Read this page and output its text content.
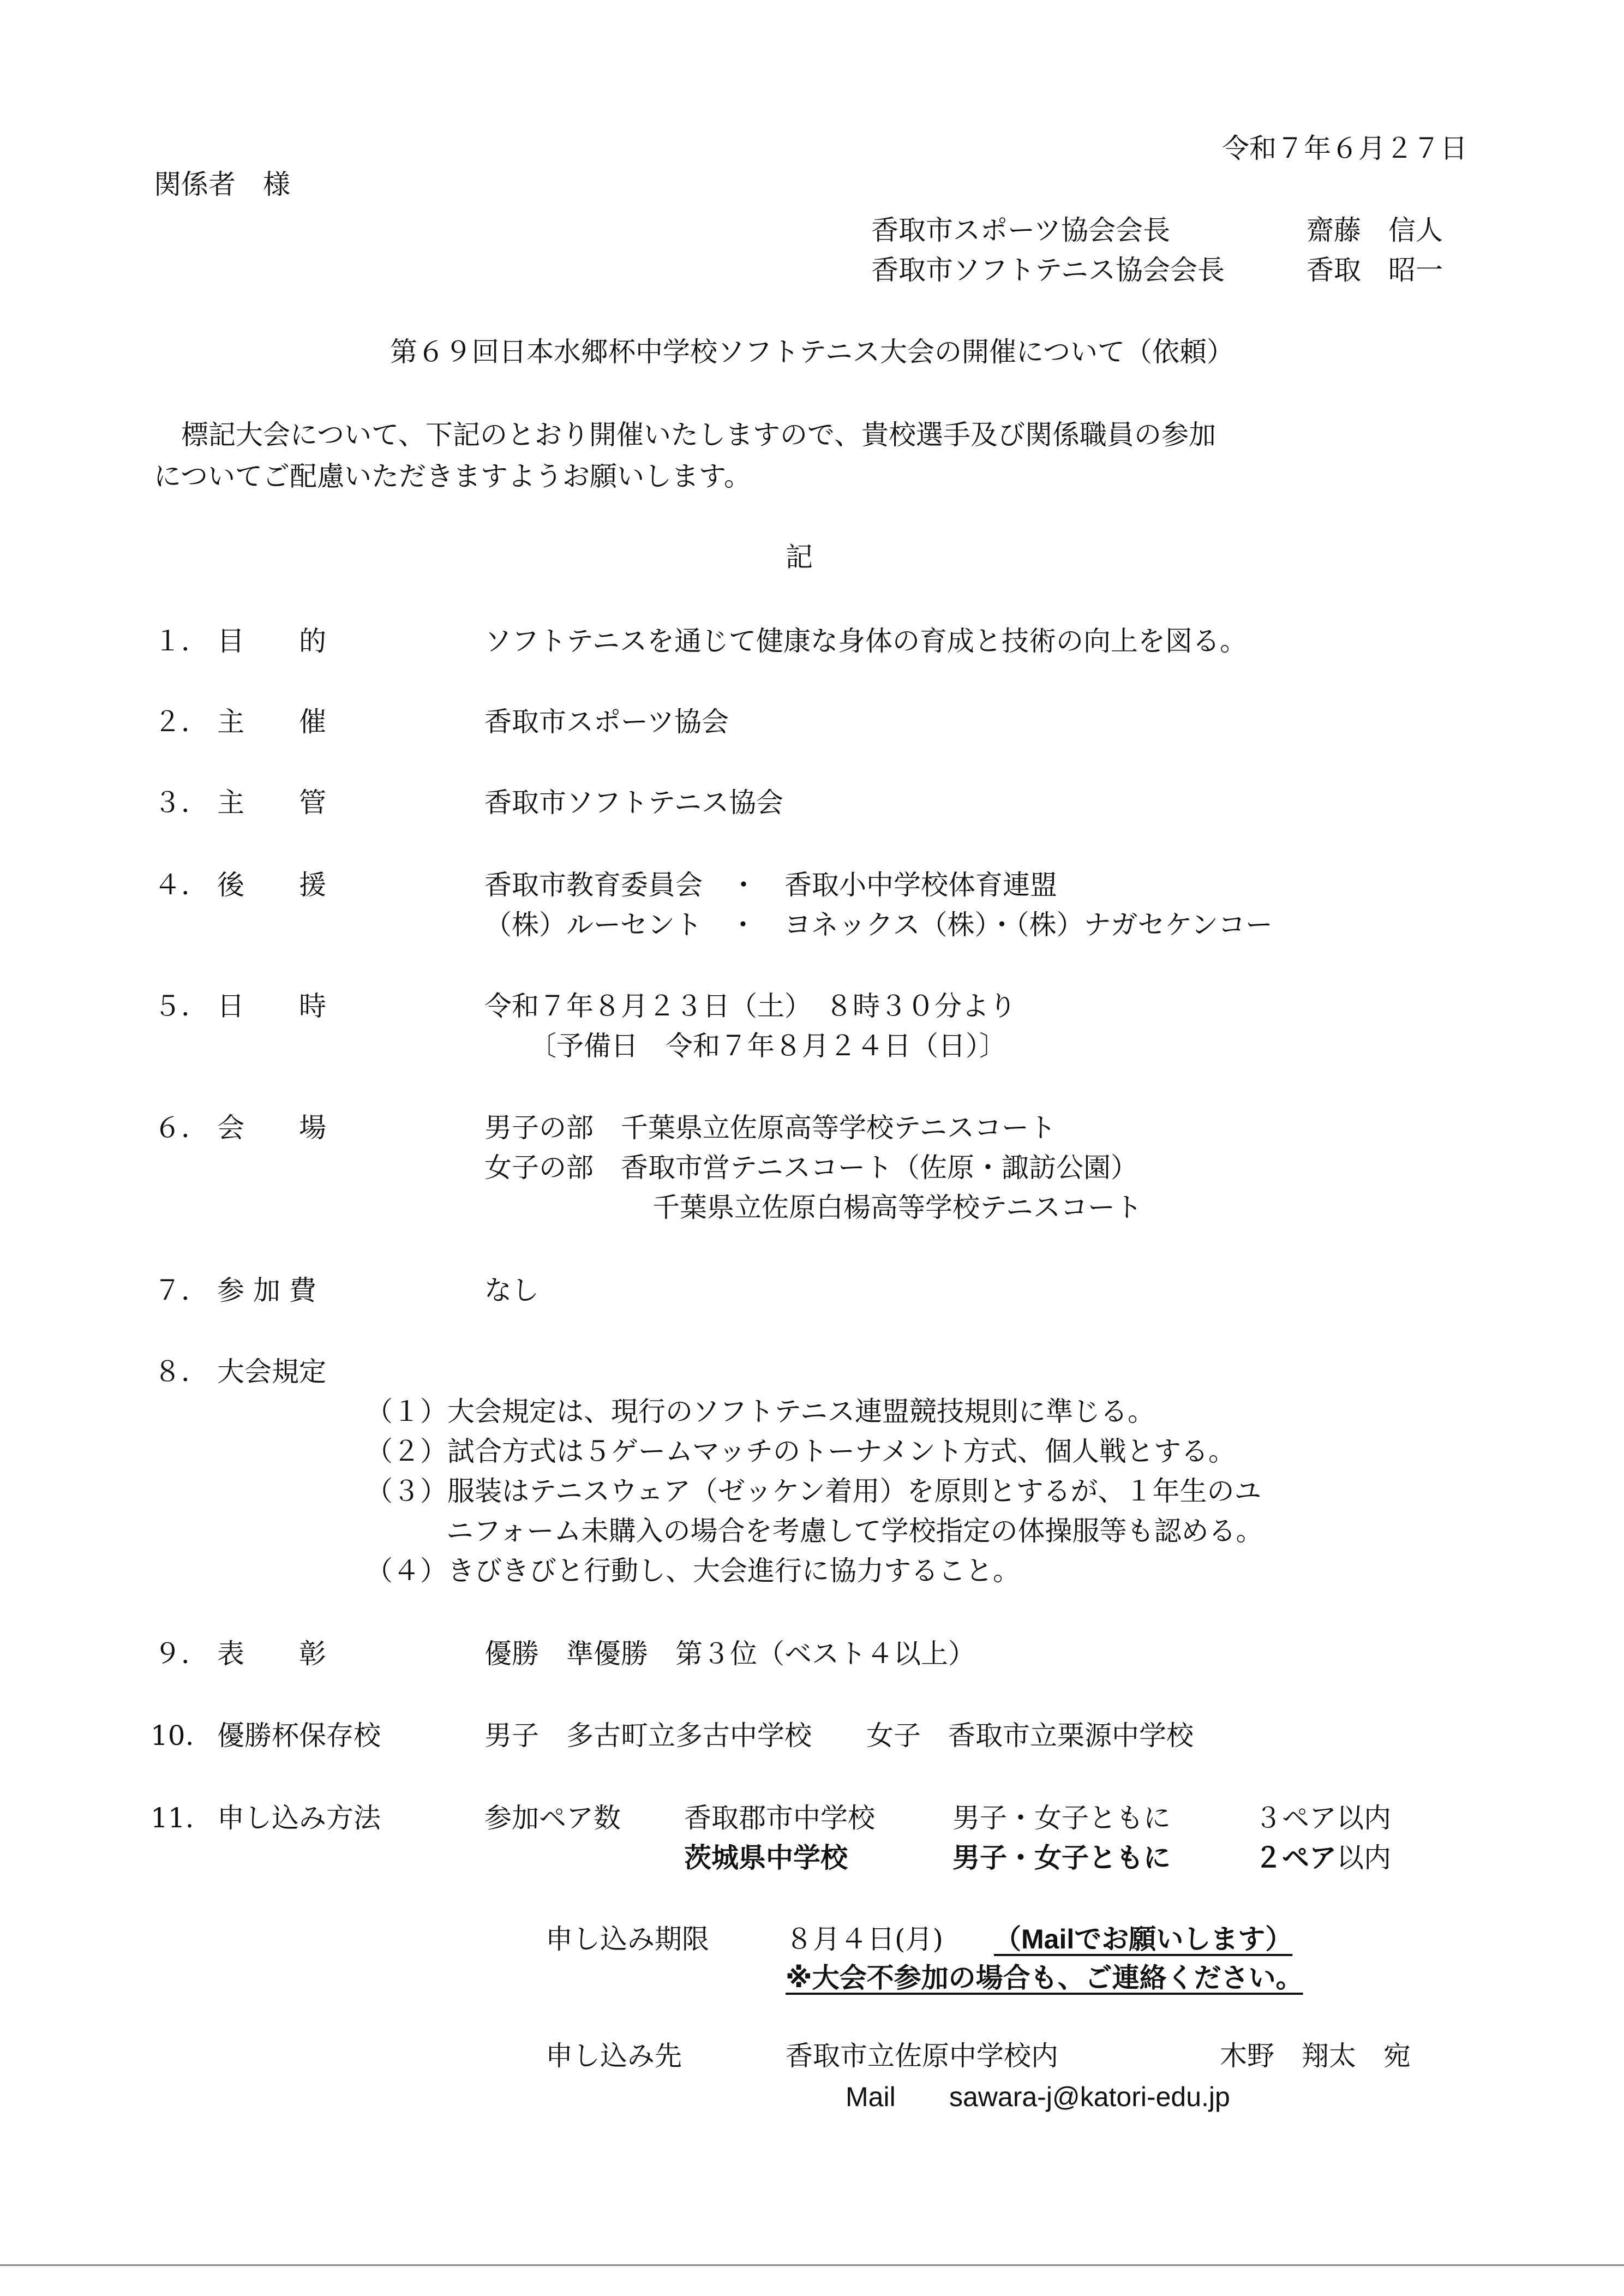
令和７年６月２７日
関係者　様
香取市スポーツ協会会長	齋藤　信人
香取市ソフトテニス協会会長	香取　昭一
第６９回日本水郷杯中学校ソフトテニス大会の開催について（依頼）
標記大会について、下記のとおり開催いたしますので、貴校選手及び関係職員の参加
についてご配慮いただきますようお願いします。
記
１． 目　　的	ソフトテニスを通じて健康な身体の育成と技術の向上を図る。
２． 主　　催	香取市スポーツ協会
３． 主　　管	香取市ソフトテニス協会
４． 後　　援	香取市教育委員会　・　香取小中学校体育連盟
（株）ルーセント　・　ヨネックス（株）・（株）ナガセケンコー
５． 日　　時	令和７年８月２３日（土）　８時３０分より
〔予備日　令和７年８月２４日（日）〕
６． 会　　場	男子の部　千葉県立佐原高等学校テニスコート
女子の部　香取市営テニスコート（佐原・諏訪公園）
千葉県立佐原白楊高等学校テニスコート
７． 参 加 費	なし
８． 大会規定
（１）大会規定は、現行のソフトテニス連盟競技規則に準じる。
（２）試合方式は５ゲームマッチのトーナメント方式、個人戦とする。
（３）服装はテニスウェア（ゼッケン着用）を原則とするが、１年生のユ
ニフォーム未購入の場合を考慮して学校指定の体操服等も認める。
（４）きびきびと行動し、大会進行に協力すること。
９． 表　　彰	優勝　準優勝　第３位（ベスト４以上）
10. 優勝杯保存校	男子　多古町立多古中学校　　女子　香取市立栗源中学校
11. 申し込み方法	参加ペア数 香取郡市中学校	男子・女子ともに	３ペア以内
茨城県中学校	男子・女子ともに	２ペア以内
申し込み期限	８月４日(月) （Mailでお願いします）
※大会不参加の場合も、ご連絡ください。
申し込み先	香取市立佐原中学校内	木野　翔太　宛
Mail sawara-j@katori-edu.jp
